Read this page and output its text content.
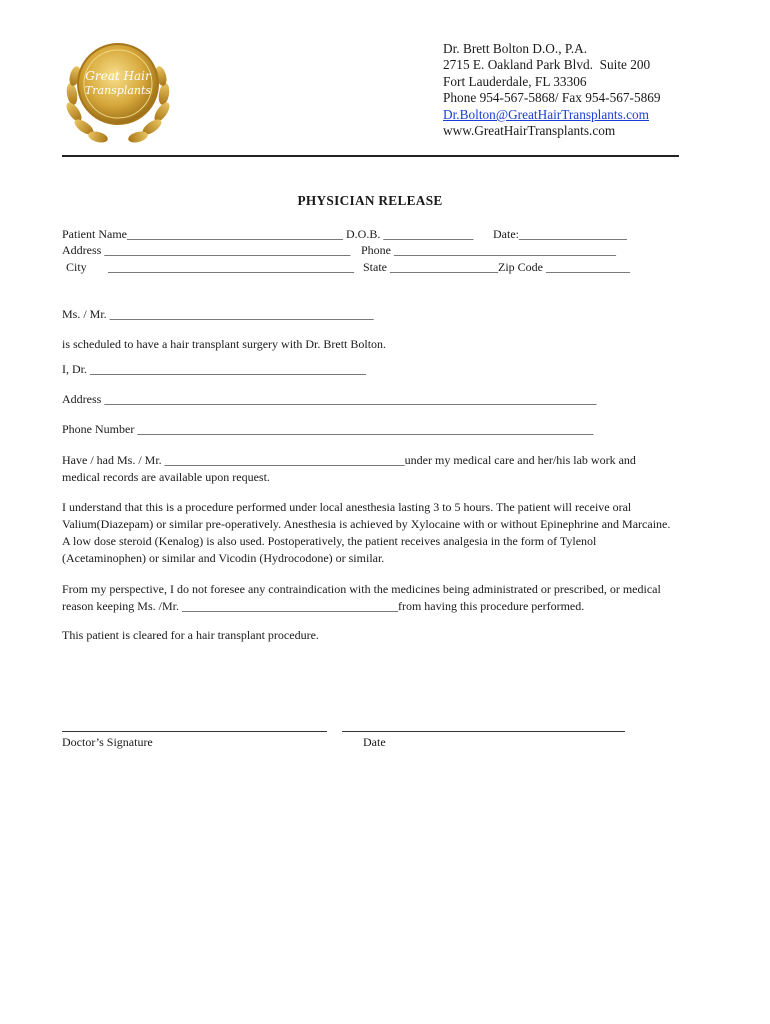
Great Hair
Transplants
Dr. Brett Bolton D.O., P.A.
2715 E. Oakland Park Blvd.  Suite 200
Fort Lauderdale, FL 33306
Phone 954-567-5868/ Fax 954-567-5869
Dr.Bolton@GreatHairTransplants.com
www.GreatHairTransplants.com
PHYSICIAN RELEASE
Patient Name____________________________________ D.O.B. _______________ Date:__________________
Address _________________________________________ Phone _____________________________________
City _________________________________________ State __________________ Zip Code ______________
Ms. / Mr. ____________________________________________
is scheduled to have a hair transplant surgery with Dr. Brett Bolton.
I, Dr. ______________________________________________
Address __________________________________________________________________________________
Phone Number ____________________________________________________________________________
Have / had Ms. / Mr. ________________________________________under my medical care and her/his lab work and medical records are available upon request.
I understand that this is a procedure performed under local anesthesia lasting 3 to 5 hours. The patient will receive oral Valium(Diazepam) or similar pre-operatively. Anesthesia is achieved by Xylocaine with or without Epinephrine and Marcaine. A low dose steroid (Kenalog) is also used. Postoperatively, the patient receives analgesia in the form of Tylenol (Acetaminophen) or similar and Vicodin (Hydrocodone) or similar.
From my perspective, I do not foresee any contraindication with the medicines being administrated or prescribed, or medical reason keeping Ms. /Mr. ____________________________________from having this procedure performed.
This patient is cleared for a hair transplant procedure.
Doctor’s Signature	Date
